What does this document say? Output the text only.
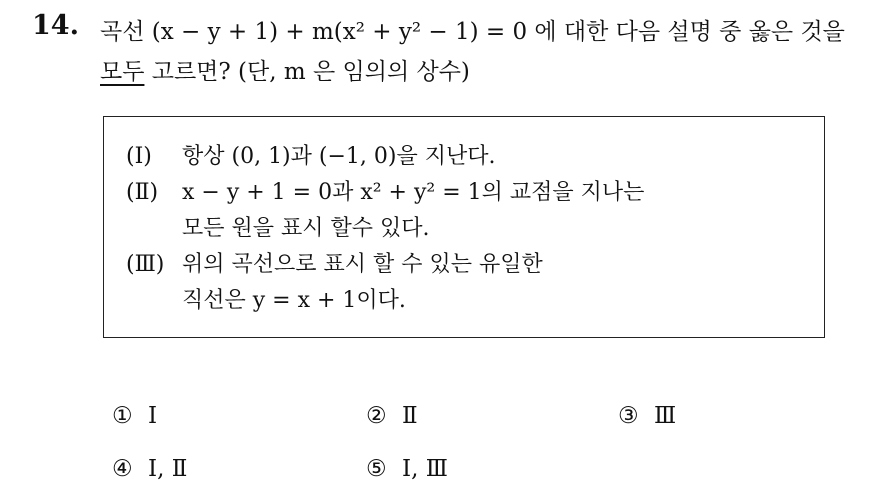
14. 곡선 (x − y + 1) + m(x² + y² − 1) = 0 에 대한 다음 설명 중 옳은 것을
모두 고르면? (단, m 은 임의의 상수)
(Ⅰ) 항상 (0, 1)과 (−1, 0)을 지난다.
(Ⅱ) x − y + 1 = 0과 x² + y² = 1의 교점을 지나는
모든 원을 표시 할수 있다.
(Ⅲ) 위의 곡선으로 표시 할 수 있는 유일한
직선은 y = x + 1이다.
① Ⅰ	② Ⅱ	③ Ⅲ
④ Ⅰ, Ⅱ	⑤ Ⅰ, Ⅲ
